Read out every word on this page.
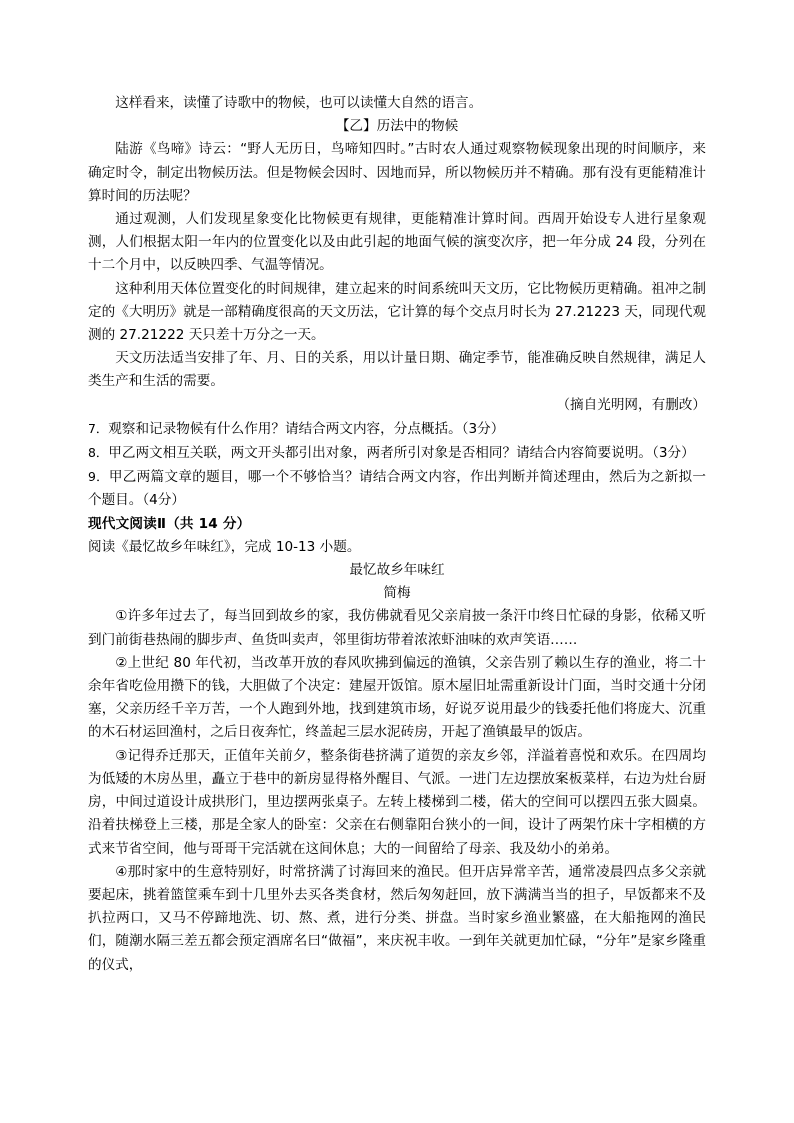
这样看来，读懂了诗歌中的物候，也可以读懂大自然的语言。

【乙】历法中的物候

陆游《鸟啼》诗云：“野人无历日，鸟啼知四时。”古时农人通过观察物候现象出现的时间顺序，来确定时令，制定出物候历法。但是物候会因时、因地而异，所以物候历并不精确。那有没有更能精准计算时间的历法呢？

通过观测，人们发现星象变化比物候更有规律，更能精准计算时间。西周开始设专人进行星象观测，人们根据太阳一年内的位置变化以及由此引起的地面气候的演变次序，把一年分成 24 段，分列在十二个月中，以反映四季、气温等情况。

这种利用天体位置变化的时间规律，建立起来的时间系统叫天文历，它比物候历更精确。祖冲之制定的《大明历》就是一部精确度很高的天文历法，它计算的每个交点月时长为 27.21223 天，同现代观测的 27.21222 天只差十万分之一天。

天文历法适当安排了年、月、日的关系，用以计量日期、确定季节，能准确反映自然规律，满足人类生产和生活的需要。

（摘自光明网，有删改）

7．观察和记录物候有什么作用？请结合两文内容，分点概括。（3分）

8．甲乙两文相互关联，两文开头都引出对象，两者所引对象是否相同？请结合内容简要说明。（3分）

9．甲乙两篇文章的题目，哪一个不够恰当？请结合两文内容，作出判断并简述理由，然后为之新拟一个题目。（4分）

现代文阅读Ⅱ（共 14 分）

阅读《最忆故乡年味红》，完成 10-13 小题。

最忆故乡年味红

简梅

①许多年过去了，每当回到故乡的家，我仿佛就看见父亲肩披一条汗巾终日忙碌的身影，依稀又听到门前街巷热闹的脚步声、鱼货叫卖声，邻里街坊带着浓浓虾油味的欢声笑语……

②上世纪 80 年代初，当改革开放的春风吹拂到偏远的渔镇，父亲告别了赖以生存的渔业，将二十余年省吃俭用攒下的钱，大胆做了个决定：建屋开饭馆。原木屋旧址需重新设计门面，当时交通十分闭塞，父亲历经千辛万苦，一个人跑到外地，找到建筑市场，好说歹说用最少的钱委托他们将庞大、沉重的木石材运回渔村，之后日夜奔忙，终盖起三层水泥砖房，开起了渔镇最早的饭店。

③记得乔迁那天，正值年关前夕，整条街巷挤满了道贺的亲友乡邻，洋溢着喜悦和欢乐。在四周均为低矮的木房丛里，矗立于巷中的新房显得格外醒目、气派。一进门左边摆放案板菜样，右边为灶台厨房，中间过道设计成拱形门，里边摆两张桌子。左转上楼梯到二楼，偌大的空间可以摆四五张大圆桌。沿着扶梯登上三楼，那是全家人的卧室：父亲在右侧靠阳台狭小的一间，设计了两架竹床十字相横的方式来节省空间，他与哥哥干完活就在这间休息；大的一间留给了母亲、我及幼小的弟弟。

④那时家中的生意特别好，时常挤满了讨海回来的渔民。但开店异常辛苦，通常凌晨四点多父亲就要起床，挑着篮筐乘车到十几里外去买各类食材，然后匆匆赶回，放下满满当当的担子，早饭都来不及扒拉两口，又马不停蹄地洗、切、熬、煮，进行分类、拼盘。当时家乡渔业繁盛，在大船拖网的渔民们，随潮水隔三差五都会预定酒席名曰“做福”，来庆祝丰收。一到年关就更加忙碌，“分年”是家乡隆重的仪式，
